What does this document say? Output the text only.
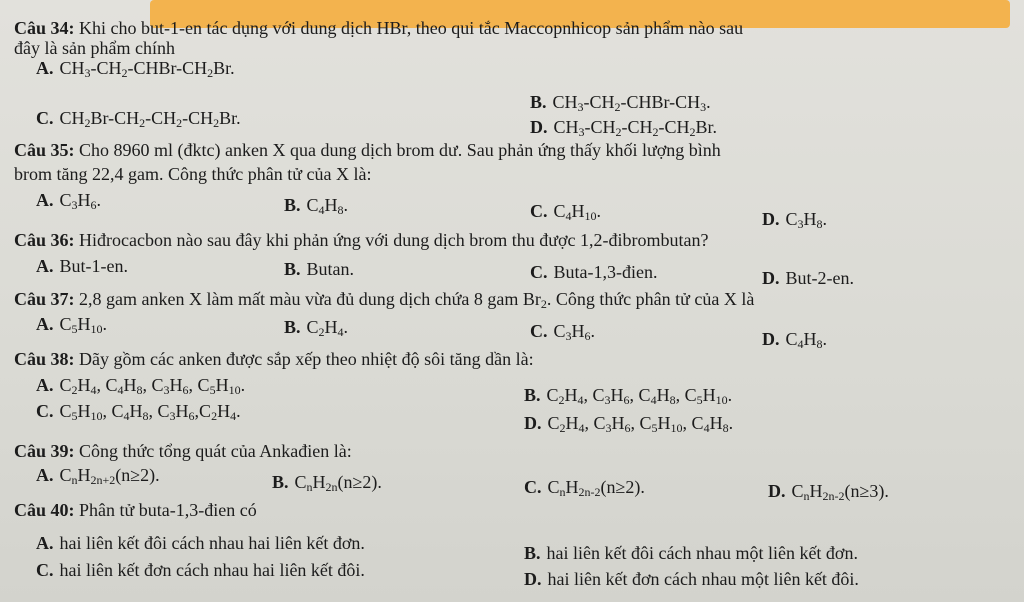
Câu 34: Khi cho but-1-en tác dụng với dung dịch HBr, theo qui tắc Maccopnhicop sản phẩm nào sau
đây là sản phẩm chính
A. $CH_3-CH_2-CHBr-CH_2Br$.
B. $CH_3-CH_2-CHBr-CH_3$.
C. $CH_2Br-CH_2-CH_2-CH_2Br$.	D. $CH_3-CH_2-CH_2-CH_2Br$.
Câu 35: Cho 8960 ml (đktc) anken X qua dung dịch brom dư. Sau phản ứng thấy khối lượng bình
brom tăng 22,4 gam. Công thức phân tử của X là:
A. $C_3H_6$.	B. $C_4H_8$.	C. $C_4H_{10}$.	D. $C_3H_8$.
Câu 36: Hiđrocacbon nào sau đây khi phản ứng với dung dịch brom thu được 1,2-đibrombutan?
A. But-1-en.	B. Butan.	C. Buta-1,3-đien.	D. But-2-en.
Câu 37: 2,8 gam anken X làm mất màu vừa đủ dung dịch chứa 8 gam $Br_2$. Công thức phân tử của X là
A. $C_5H_{10}$.	B. $C_2H_4$.	C. $C_3H_6$.	D. $C_4H_8$.
Câu 38: Dãy gồm các anken được sắp xếp theo nhiệt độ sôi tăng dần là:
A. $C_2H_4$, $C_4H_8$, $C_3H_6$, $C_5H_{10}$.	B. $C_2H_4$, $C_3H_6$, $C_4H_8$, $C_5H_{10}$.
C. $C_5H_{10}$, $C_4H_8$, $C_3H_6,C_2H_4$.
D. $C_2H_4$, $C_3H_6$, $C_5H_{10}$, $C_4H_8$.
Câu 39: Công thức tổng quát của Ankađien là:
A. $C_nH_{2n+2}(n\ge 2)$.	B. $C_nH_{2n}(n\ge 2)$.	C. $C_nH_{2n-2}(n\ge 2)$.	D. $C_nH_{2n-2}(n\ge 3)$.
Câu 40: Phân tử buta-1,3-đien có
A. hai liên kết đôi cách nhau hai liên kết đơn.	B. hai liên kết đôi cách nhau một liên kết đơn.
C. hai liên kết đơn cách nhau hai liên kết đôi.	D. hai liên kết đơn cách nhau một liên kết đôi.
